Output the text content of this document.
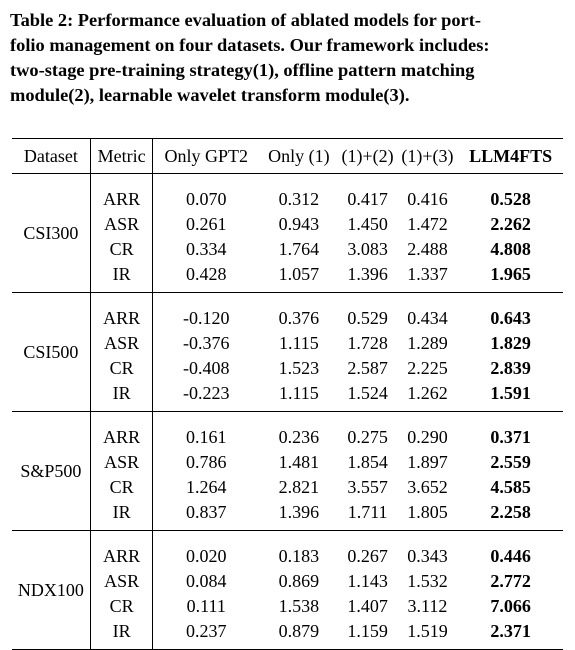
Table 2: Performance evaluation of ablated models for port-
folio management on four datasets. Our framework includes:
two-stage pre-training strategy(1), offline pattern matching
module(2), learnable wavelet transform module(3).
Dataset	Metric	Only GPT2	Only (1)	(1)+(2)	(1)+(3)	LLM4FTS
CSI300	ARR	0.070	0.312	0.417	0.416	0.528
	ASR	0.261	0.943	1.450	1.472	2.262
	CR	0.334	1.764	3.083	2.488	4.808
	IR	0.428	1.057	1.396	1.337	1.965
CSI500	ARR	-0.120	0.376	0.529	0.434	0.643
	ASR	-0.376	1.115	1.728	1.289	1.829
	CR	-0.408	1.523	2.587	2.225	2.839
	IR	-0.223	1.115	1.524	1.262	1.591
S&P500	ARR	0.161	0.236	0.275	0.290	0.371
	ASR	0.786	1.481	1.854	1.897	2.559
	CR	1.264	2.821	3.557	3.652	4.585
	IR	0.837	1.396	1.711	1.805	2.258
NDX100	ARR	0.020	0.183	0.267	0.343	0.446
	ASR	0.084	0.869	1.143	1.532	2.772
	CR	0.111	1.538	1.407	3.112	7.066
	IR	0.237	0.879	1.159	1.519	2.371
